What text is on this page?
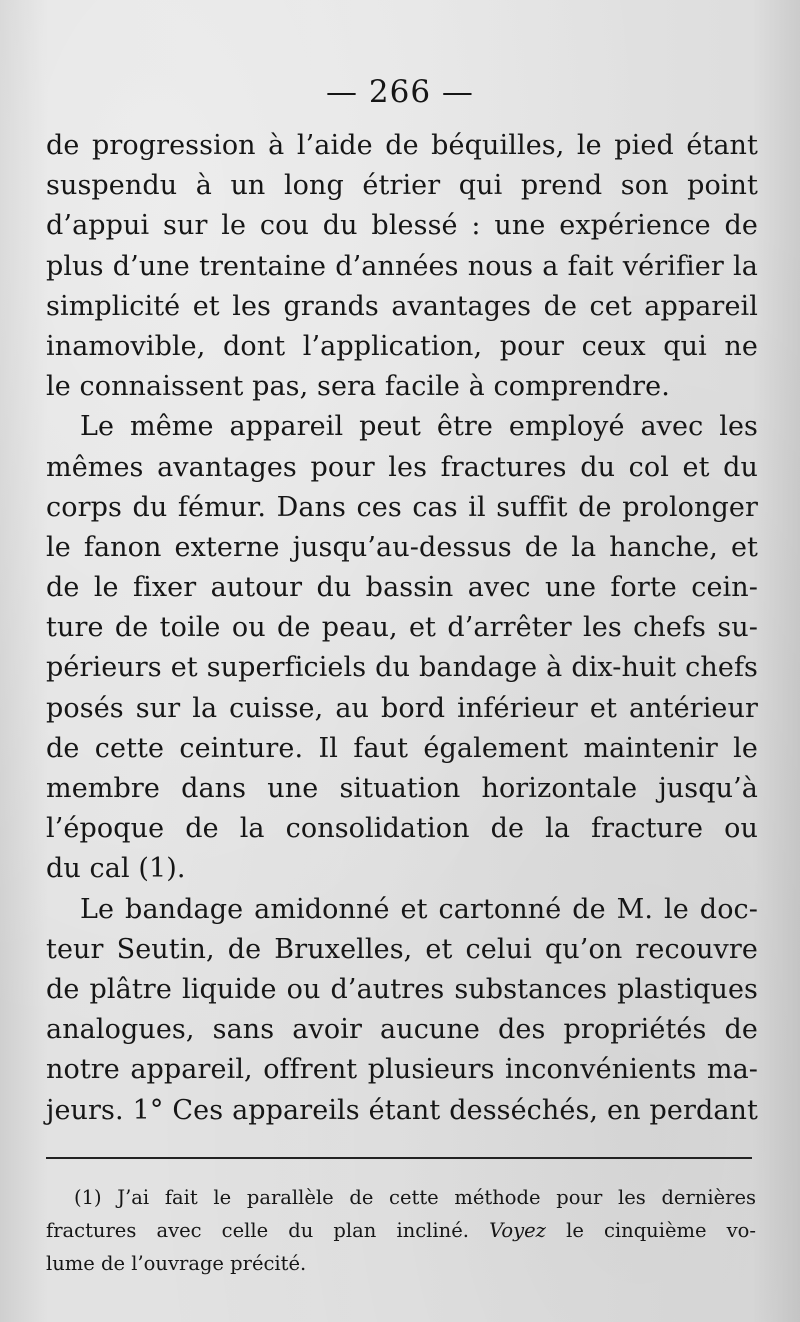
— 266 —
de progression à l’aide de béquilles, le pied étant
suspendu à un long étrier qui prend son point
d’appui sur le cou du blessé : une expérience de
plus d’une trentaine d’années nous a fait vérifier la
simplicité et les grands avantages de cet appareil
inamovible, dont l’application, pour ceux qui ne
le connaissent pas, sera facile à comprendre.
Le même appareil peut être employé avec les
mêmes avantages pour les fractures du col et du
corps du fémur. Dans ces cas il suffit de prolonger
le fanon externe jusqu’au-dessus de la hanche, et
de le fixer autour du bassin avec une forte cein-
ture de toile ou de peau, et d’arrêter les chefs su-
périeurs et superficiels du bandage à dix-huit chefs
posés sur la cuisse, au bord inférieur et antérieur
de cette ceinture. Il faut également maintenir le
membre dans une situation horizontale jusqu’à
l’époque de la consolidation de la fracture ou
du cal (1).
Le bandage amidonné et cartonné de M. le doc-
teur Seutin, de Bruxelles, et celui qu’on recouvre
de plâtre liquide ou d’autres substances plastiques
analogues, sans avoir aucune des propriétés de
notre appareil, offrent plusieurs inconvénients ma-
jeurs. 1° Ces appareils étant desséchés, en perdant
(1) J’ai fait le parallèle de cette méthode pour les dernières
fractures avec celle du plan incliné. Voyez le cinquième vo-
lume de l’ouvrage précité.
